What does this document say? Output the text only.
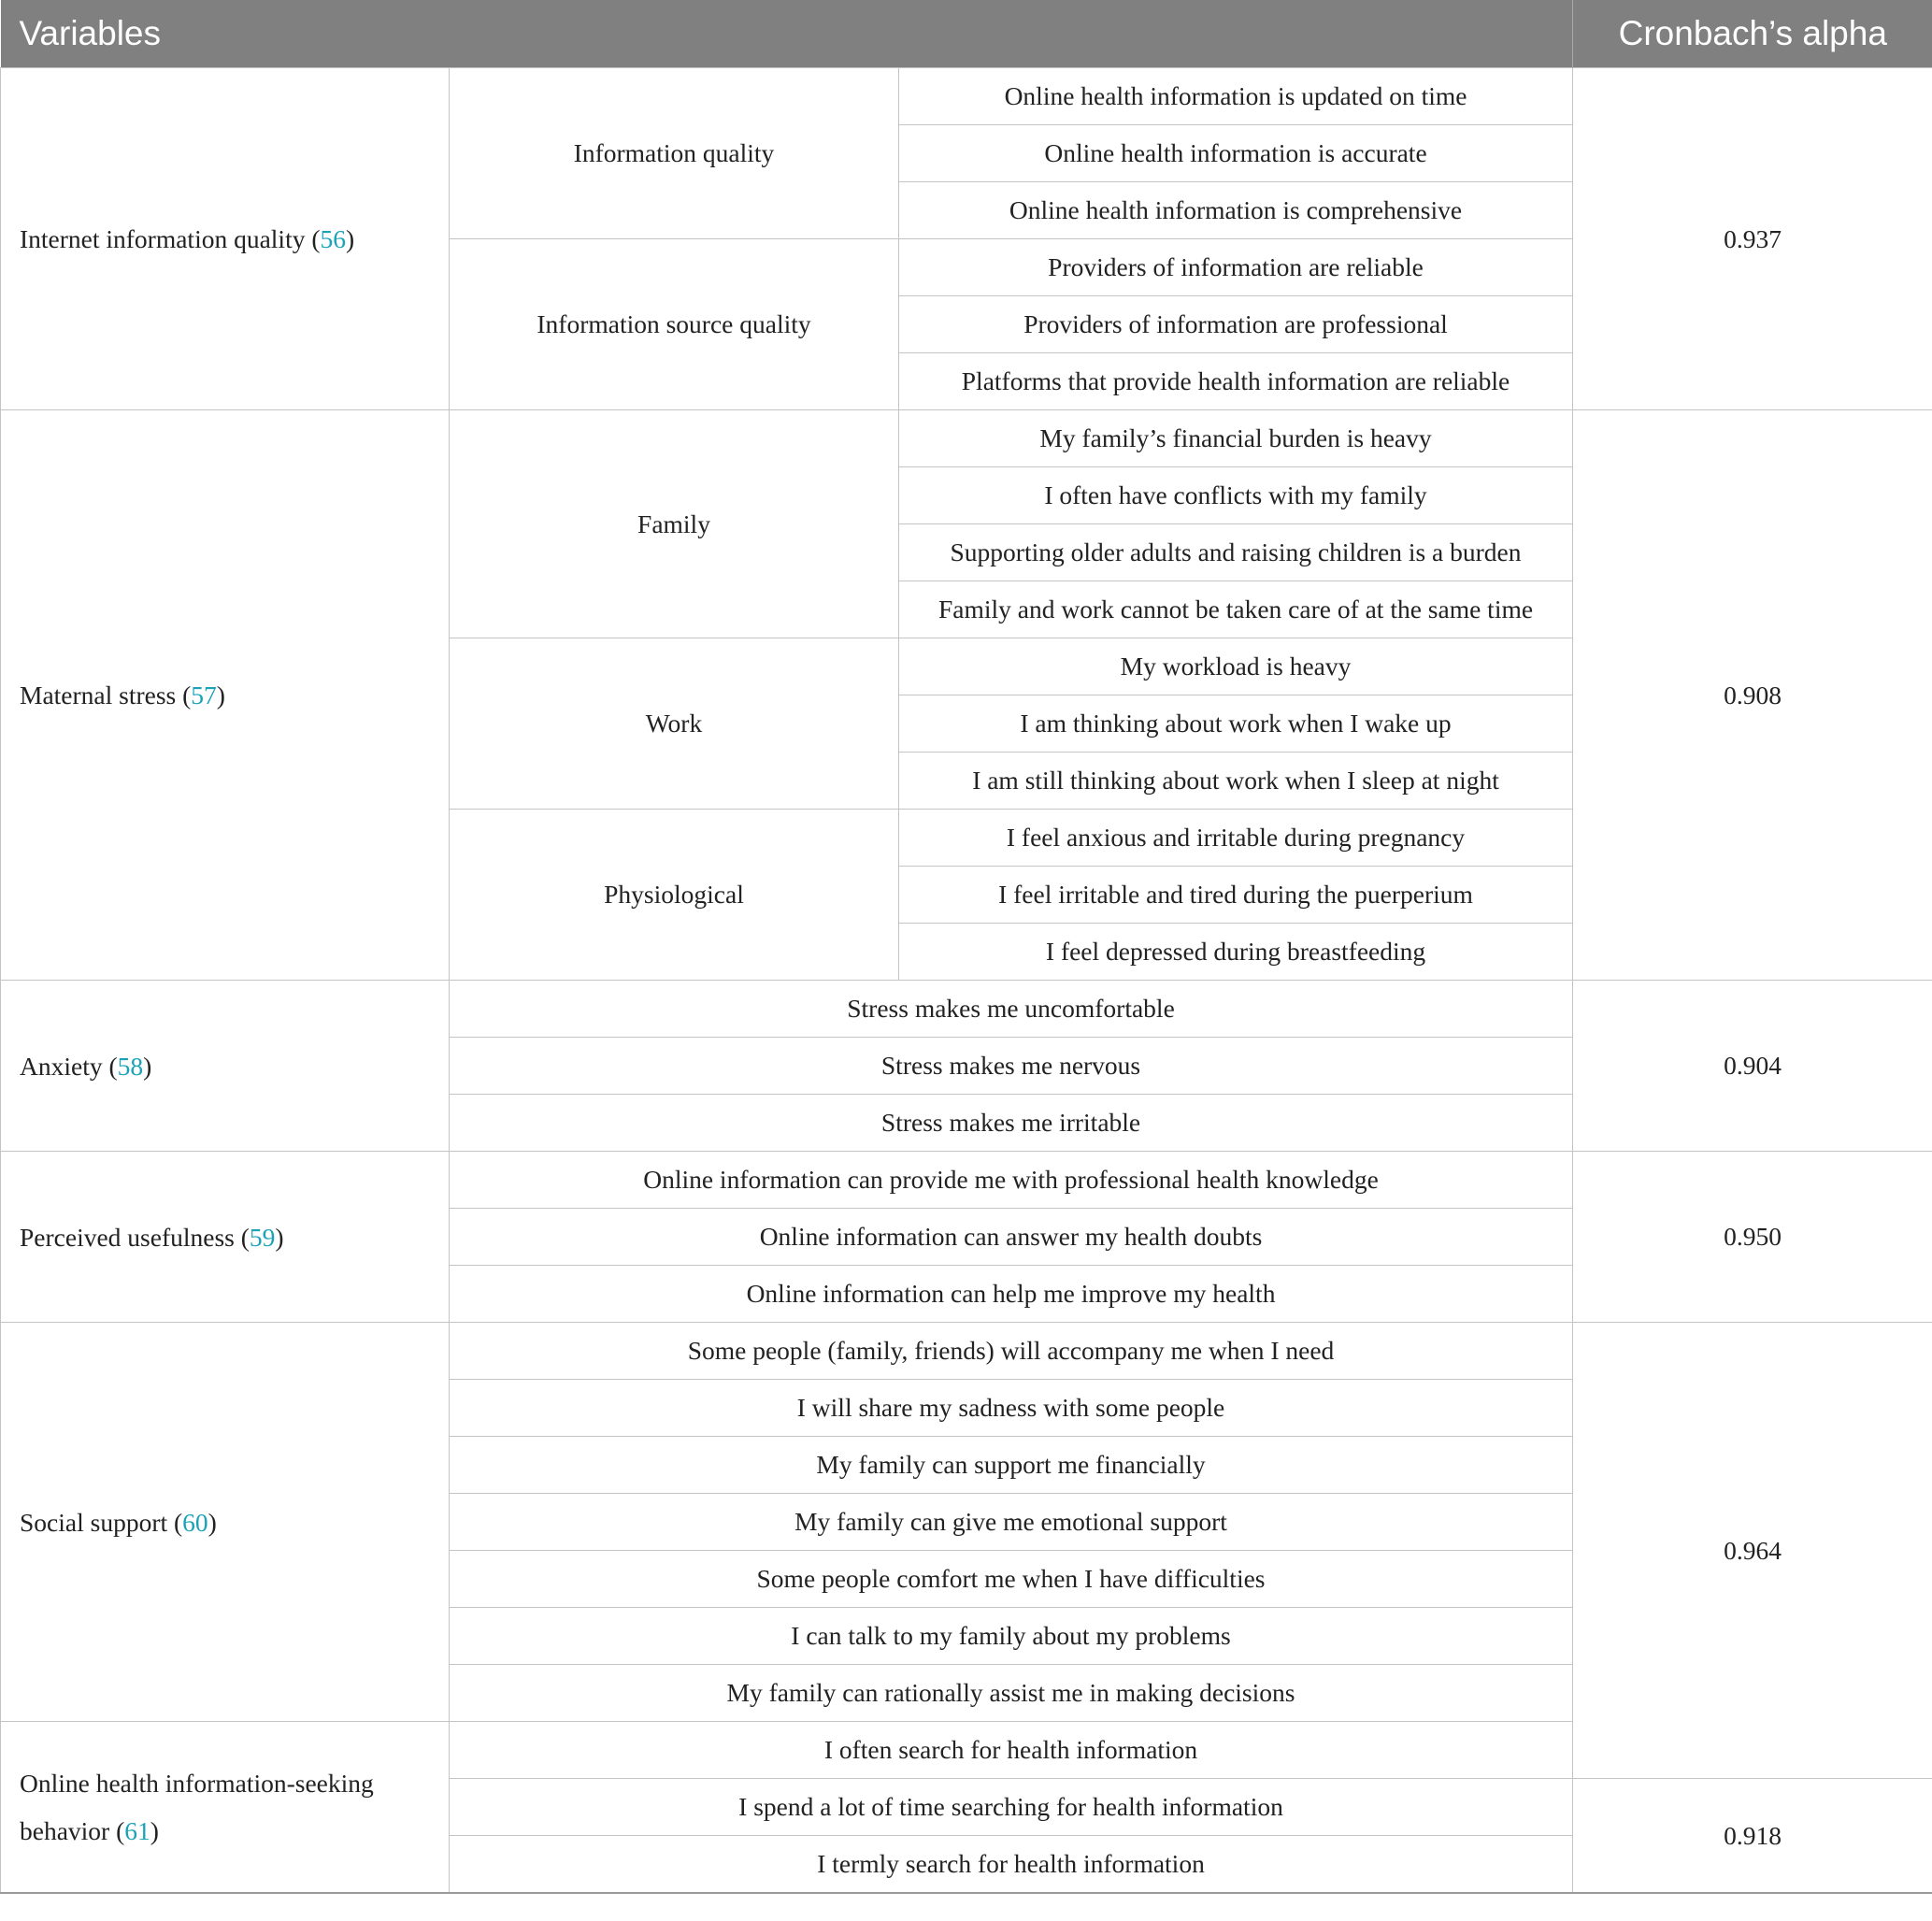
Variables			Cronbach’s alpha
Internet information quality (56)	Information quality	Online health information is updated on time	0.937
		Online health information is accurate	
		Online health information is comprehensive	
	Information source quality	Providers of information are reliable	
		Providers of information are professional	
		Platforms that provide health information are reliable	
Maternal stress (57)	Family	My family’s financial burden is heavy	0.908
		I often have conflicts with my family	
		Supporting older adults and raising children is a burden	
		Family and work cannot be taken care of at the same time	
	Work	My workload is heavy	
		I am thinking about work when I wake up	
		I am still thinking about work when I sleep at night	
	Physiological	I feel anxious and irritable during pregnancy	
		I feel irritable and tired during the puerperium	
		I feel depressed during breastfeeding	
Anxiety (58)	Stress makes me uncomfortable		0.904
	Stress makes me nervous		
	Stress makes me irritable		
Perceived usefulness (59)	Online information can provide me with professional health knowledge		0.950
	Online information can answer my health doubts		
	Online information can help me improve my health		
Social support (60)	Some people (family, friends) will accompany me when I need		0.964
	I will share my sadness with some people		
	My family can support me financially		
	My family can give me emotional support		
	Some people comfort me when I have difficulties		
	I can talk to my family about my problems		
	My family can rationally assist me in making decisions		
Online health information-seeking behavior (61)	I often search for health information		
	I spend a lot of time searching for health information		0.918
	I termly search for health information		
